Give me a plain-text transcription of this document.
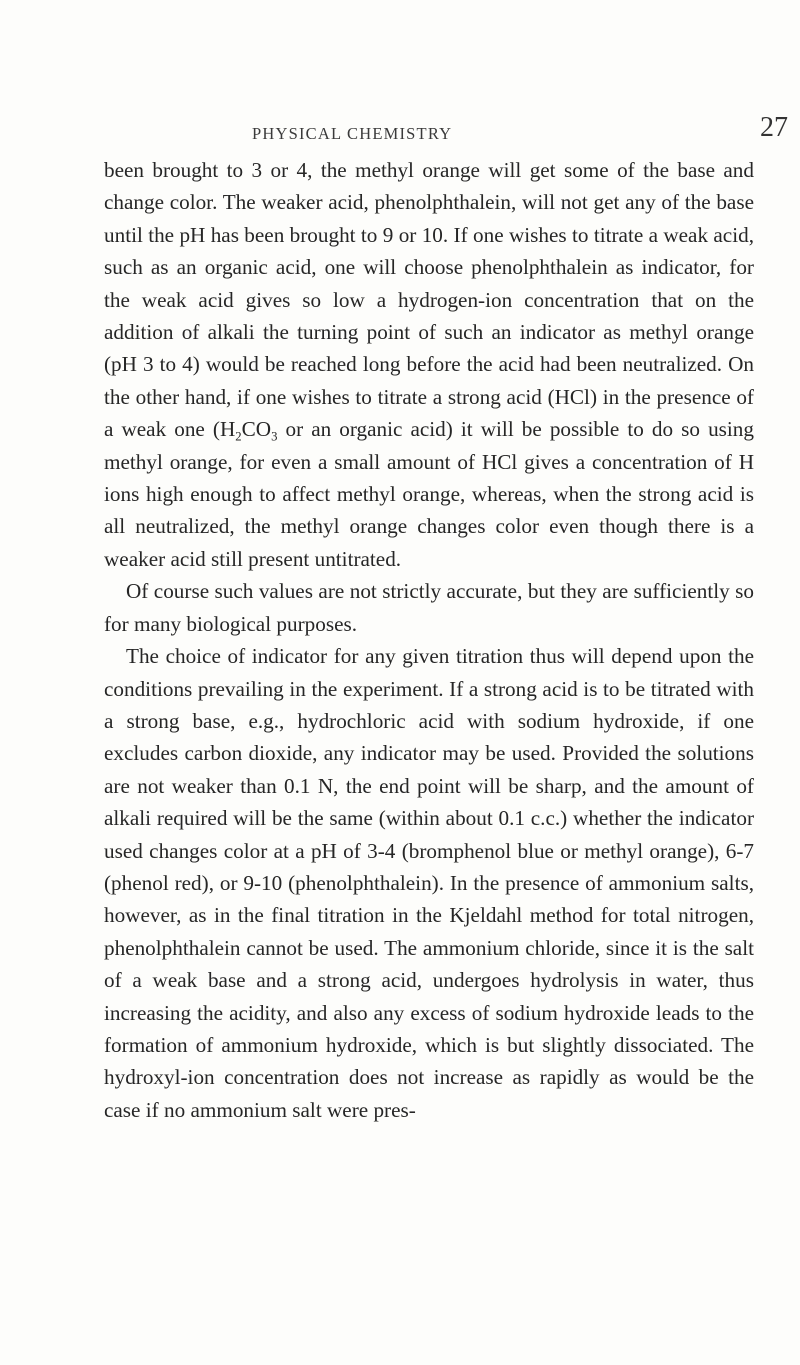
PHYSICAL CHEMISTRY	27

been brought to 3 or 4, the methyl orange will get some of the base and change color. The weaker acid, phenolphthalein, will not get any of the base until the pH has been brought to 9 or 10. If one wishes to titrate a weak acid, such as an organic acid, one will choose phenolphthalein as indicator, for the weak acid gives so low a hydrogen-ion concentration that on the addition of alkali the turning point of such an indicator as methyl orange (pH 3 to 4) would be reached long before the acid had been neutralized. On the other hand, if one wishes to titrate a strong acid (HCl) in the presence of a weak one ($H_2CO_3$ or an organic acid) it will be possible to do so using methyl orange, for even a small amount of HCl gives a concentration of H ions high enough to affect methyl orange, whereas, when the strong acid is all neutralized, the methyl orange changes color even though there is a weaker acid still present untitrated.

Of course such values are not strictly accurate, but they are sufficiently so for many biological purposes.

The choice of indicator for any given titration thus will depend upon the conditions prevailing in the experiment. If a strong acid is to be titrated with a strong base, e.g., hydrochloric acid with sodium hydroxide, if one excludes carbon dioxide, any indicator may be used. Provided the solutions are not weaker than 0.1 N, the end point will be sharp, and the amount of alkali required will be the same (within about 0.1 c.c.) whether the indicator used changes color at a pH of 3-4 (bromphenol blue or methyl orange), 6-7 (phenol red), or 9-10 (phenolphthalein). In the presence of ammonium salts, however, as in the final titration in the Kjeldahl method for total nitrogen, phenolphthalein cannot be used. The ammonium chloride, since it is the salt of a weak base and a strong acid, undergoes hydrolysis in water, thus increasing the acidity, and also any excess of sodium hydroxide leads to the formation of ammonium hydroxide, which is but slightly dissociated. The hydroxyl-ion concentration does not increase as rapidly as would be the case if no ammonium salt were pres-
